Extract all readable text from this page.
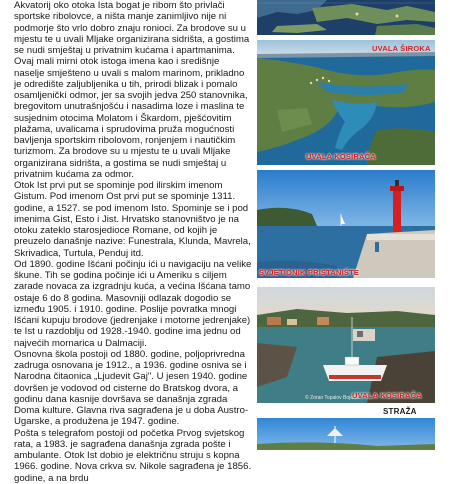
Akvatorij oko otoka Ista bogat je ribom što privlači sportske ribolovce, a ništa manje zanimljivo nije ni podmorje što vrlo dobro znaju ronioci. Za brodove su u mjestu te u uvali Mljake organizirana sidrišta, a gostima se nudi smještaj u privatnim kućama i apartmanima. Ovaj mali mirni otok istoga imena kao i središnje naselje smješteno u uvali s malom marinom, prikladno je odredište zaljubljenika u tih, prirodi blizak i pomalo osamljeničkí odmor, jer sa svojih jedva 250 stanovnika, bregovitom unutrašnjošću i nasadima loze i maslina te susjednim otocima Molatom i Škardom, pješćovitim plažama, uvalicama i sprudovima pruža mogućnosti bavljenja sportskim ribolovom, ronjenjem i nautičkim turizmom. Za brodove su u mjestu te u uvali Mljake organizirana sidrišta, a gostima se nudi smještaj u privatnim kućama za odmor.

Otok Ist prvi put se spominje pod ilirskim imenom Gistum. Pod imenom Ost prvi put se spominje 1311. godine, a 1527. se pod imenom Isto. Spominje se i pod imenima Gist, Esto i Jist. Hrvatsko stanovništvo je na otoku zateklo starosjedioce Romane, od kojih je preuzelo današnje nazive: Funestrala, Klunda, Mavrela, Skrivadica, Turtula, Penduj itd.

Od 1890. godine Išćani počinju ići u navigaciju na velike škune. Tih se godina počinje ići u Ameriku s ciljem zarade novaca za izgradnju kuća, a većina Išćana tamo ostaje 6 do 8 godina. Masovniji odlazak dogodio se između 1905. i 1910. godine. Poslije povratka mnogi Išćani kupuju brodove (jedrenjake i motorne jedrenjake) te Ist u razdoblju od 1928.-1940. godine ima jednu od najvećih mornarica u Dalmaciji.

Osnovna škola postoji od 1880. godine, poljoprivredna zadruga osnovana je 1912., a 1936. godine osniva se i Narodna čitaonica „Ljudevit Gaj". U jesen 1940. godine dovršen je vodovod od cisterne do Bratskog dvora, a godinu dana kasnije dovršava se današnja zgrada Doma kulture. Glavna riva sagrađena je u doba Austro-Ugarske, a produžena je 1947. godine.

Pošta s telegrafom postoji od početka Prvog svjetskog rata, a 1983. je sagrađena današnja zgrada pošte i ambulante. Otok Ist dobio je električnu struju s kopna 1966. godine. Nova crkva sv. Nikole sagrađena je 1856. godine, a na brdu

UVALA ŠIROKA
UVALA KOSIRAČA
SVJETIONIK PRISTANIŠTE
© Zoran Topalov Bojanić
UVALA KOSIRAČA
STRAŽA
